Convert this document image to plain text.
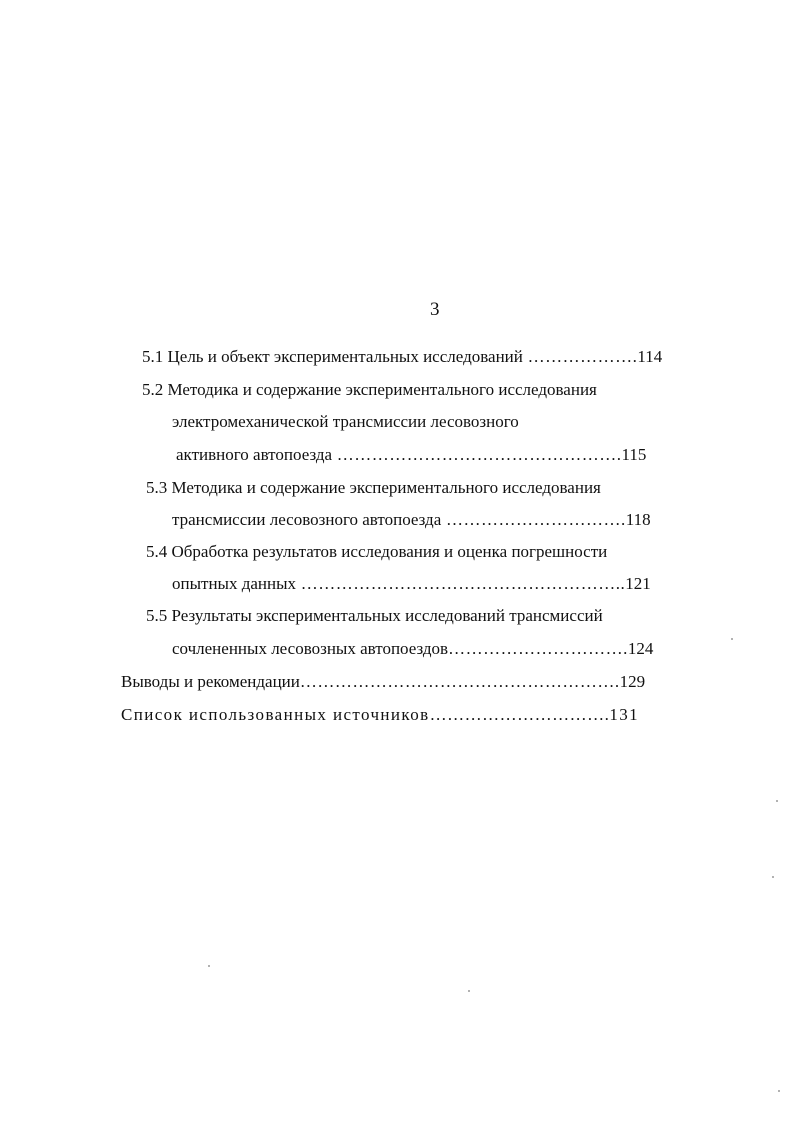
3
5.1 Цель и объект экспериментальных исследований ……………….114
5.2 Методика и содержание экспериментального исследования
электромеханической трансмиссии лесовозного
активного автопоезда ………………………………………….115
5.3 Методика и содержание экспериментального исследования
трансмиссии лесовозного автопоезда ………………………….118
5.4 Обработка результатов исследования и оценка погрешности
опытных данных ………………………………………………..121
5.5 Результаты экспериментальных исследований трансмиссий
сочлененных лесовозных автопоездов………………………….124
Выводы и рекомендации……………………………………………….129
Список использованных источников………………………….131
